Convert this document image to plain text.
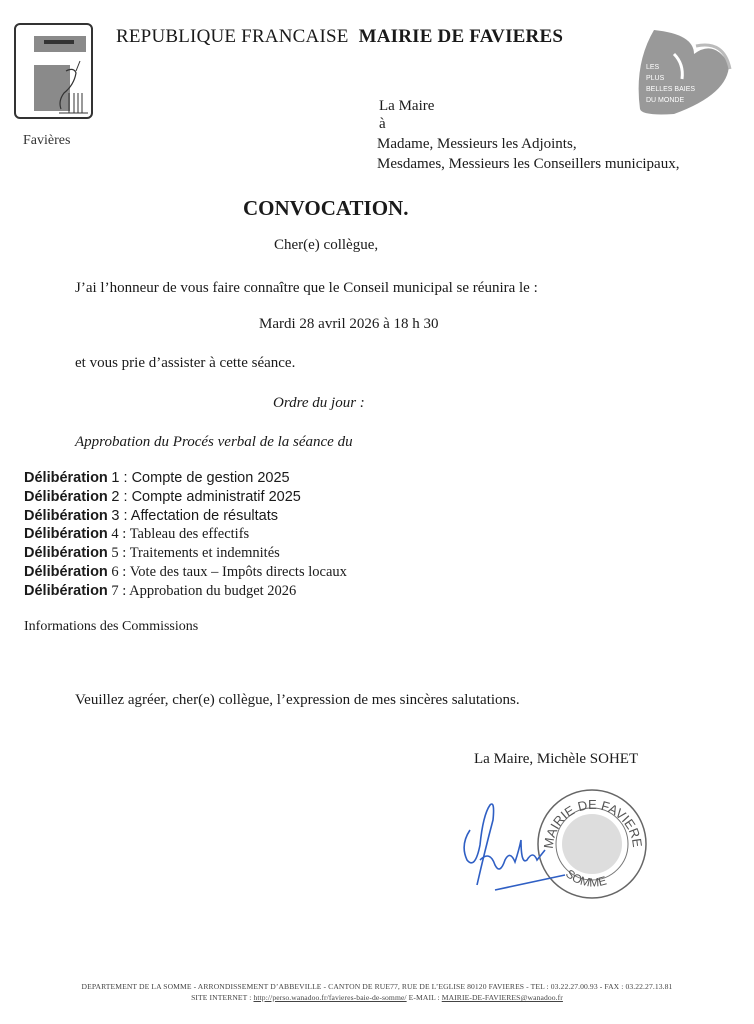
Favières
REPUBLIQUE FRANCAISE MAIRIE DE FAVIERES
LES
PLUS
BELLES BAIES
DU MONDE
La Maire
à
Madame, Messieurs les Adjoints,
Mesdames, Messieurs les Conseillers municipaux,
CONVOCATION.
Cher(e) collègue,
J’ai l’honneur de vous faire connaître que le Conseil municipal se réunira le :
Mardi 28 avril 2026 à 18 h 30
et vous prie d’assister à cette séance.
Ordre du jour :
Approbation du Procés verbal de la séance du
Délibération 1 : Compte de gestion 2025
Délibération 2 : Compte administratif 2025
Délibération 3 : Affectation de résultats
Délibération 4 : Tableau des effectifs
Délibération 5 : Traitements et indemnités
Délibération 6 : Vote des taux – Impôts directs locaux
Délibération 7 : Approbation du budget 2026
Informations des Commissions
Veuillez agréer, cher(e) collègue, l’expression de mes sincères salutations.
La Maire, Michèle SOHET
MAIRIE DE FAVIERE
SOMME
DEPARTEMENT DE LA SOMME - ARRONDISSEMENT D’ABBEVILLE - CANTON DE RUE77, RUE DE L’EGLISE 80120 FAVIERES - TEL : 03.22.27.00.93 - FAX : 03.22.27.13.81
SITE INTERNET : http://perso.wanadoo.fr/favieres-baie-de-somme/ E-MAIL : MAIRIE-DE-FAVIERES@wanadoo.fr
